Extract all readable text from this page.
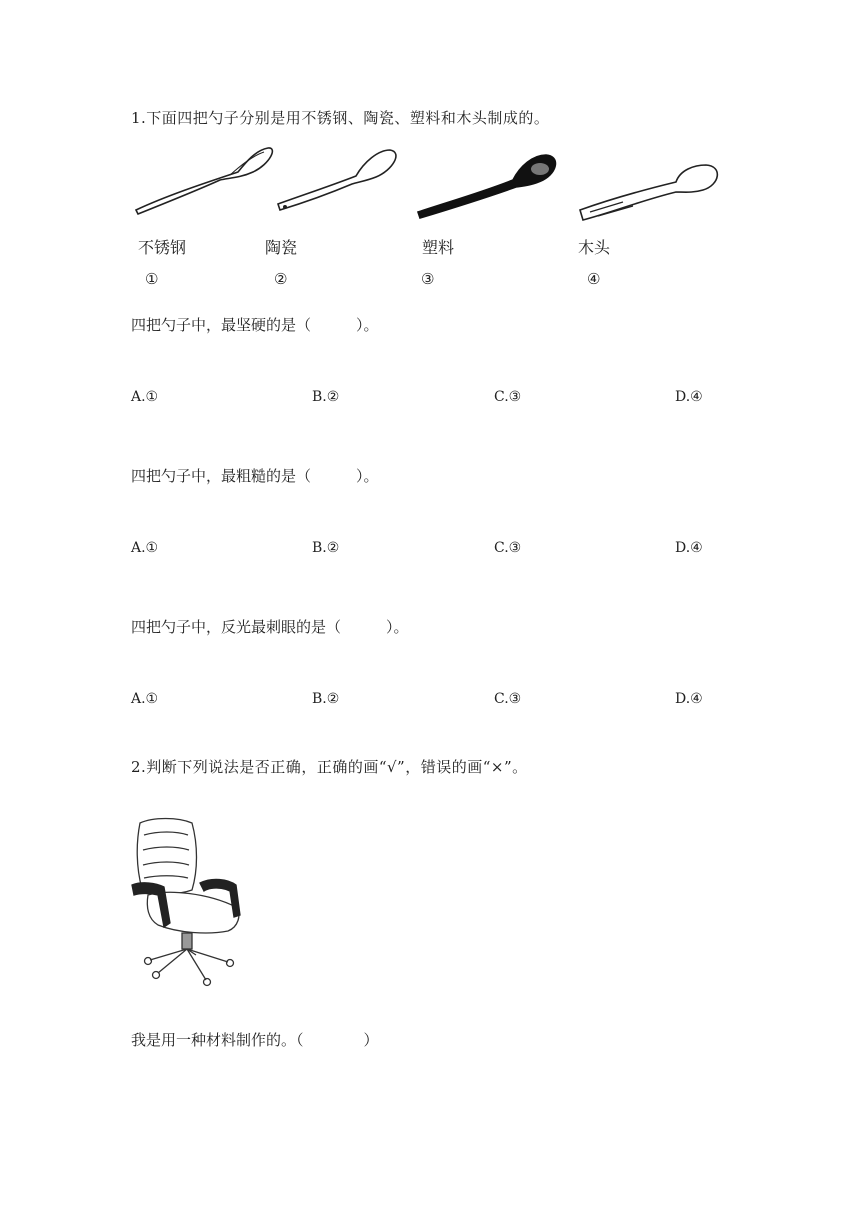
1.下面四把勺子分别是用不锈钢、陶瓷、塑料和木头制成的。
不锈钢	陶瓷	塑料	木头
①	②	③	④
四把勺子中，最坚硬的是（　　　）。
A.①	B.②	C.③	D.④
四把勺子中，最粗糙的是（　　　）。
A.①	B.②	C.③	D.④
四把勺子中，反光最刺眼的是（　　　）。
A.①	B.②	C.③	D.④
2.判断下列说法是否正确，正确的画“√”，错误的画“×”。
我是用一种材料制作的。（　　　　）
